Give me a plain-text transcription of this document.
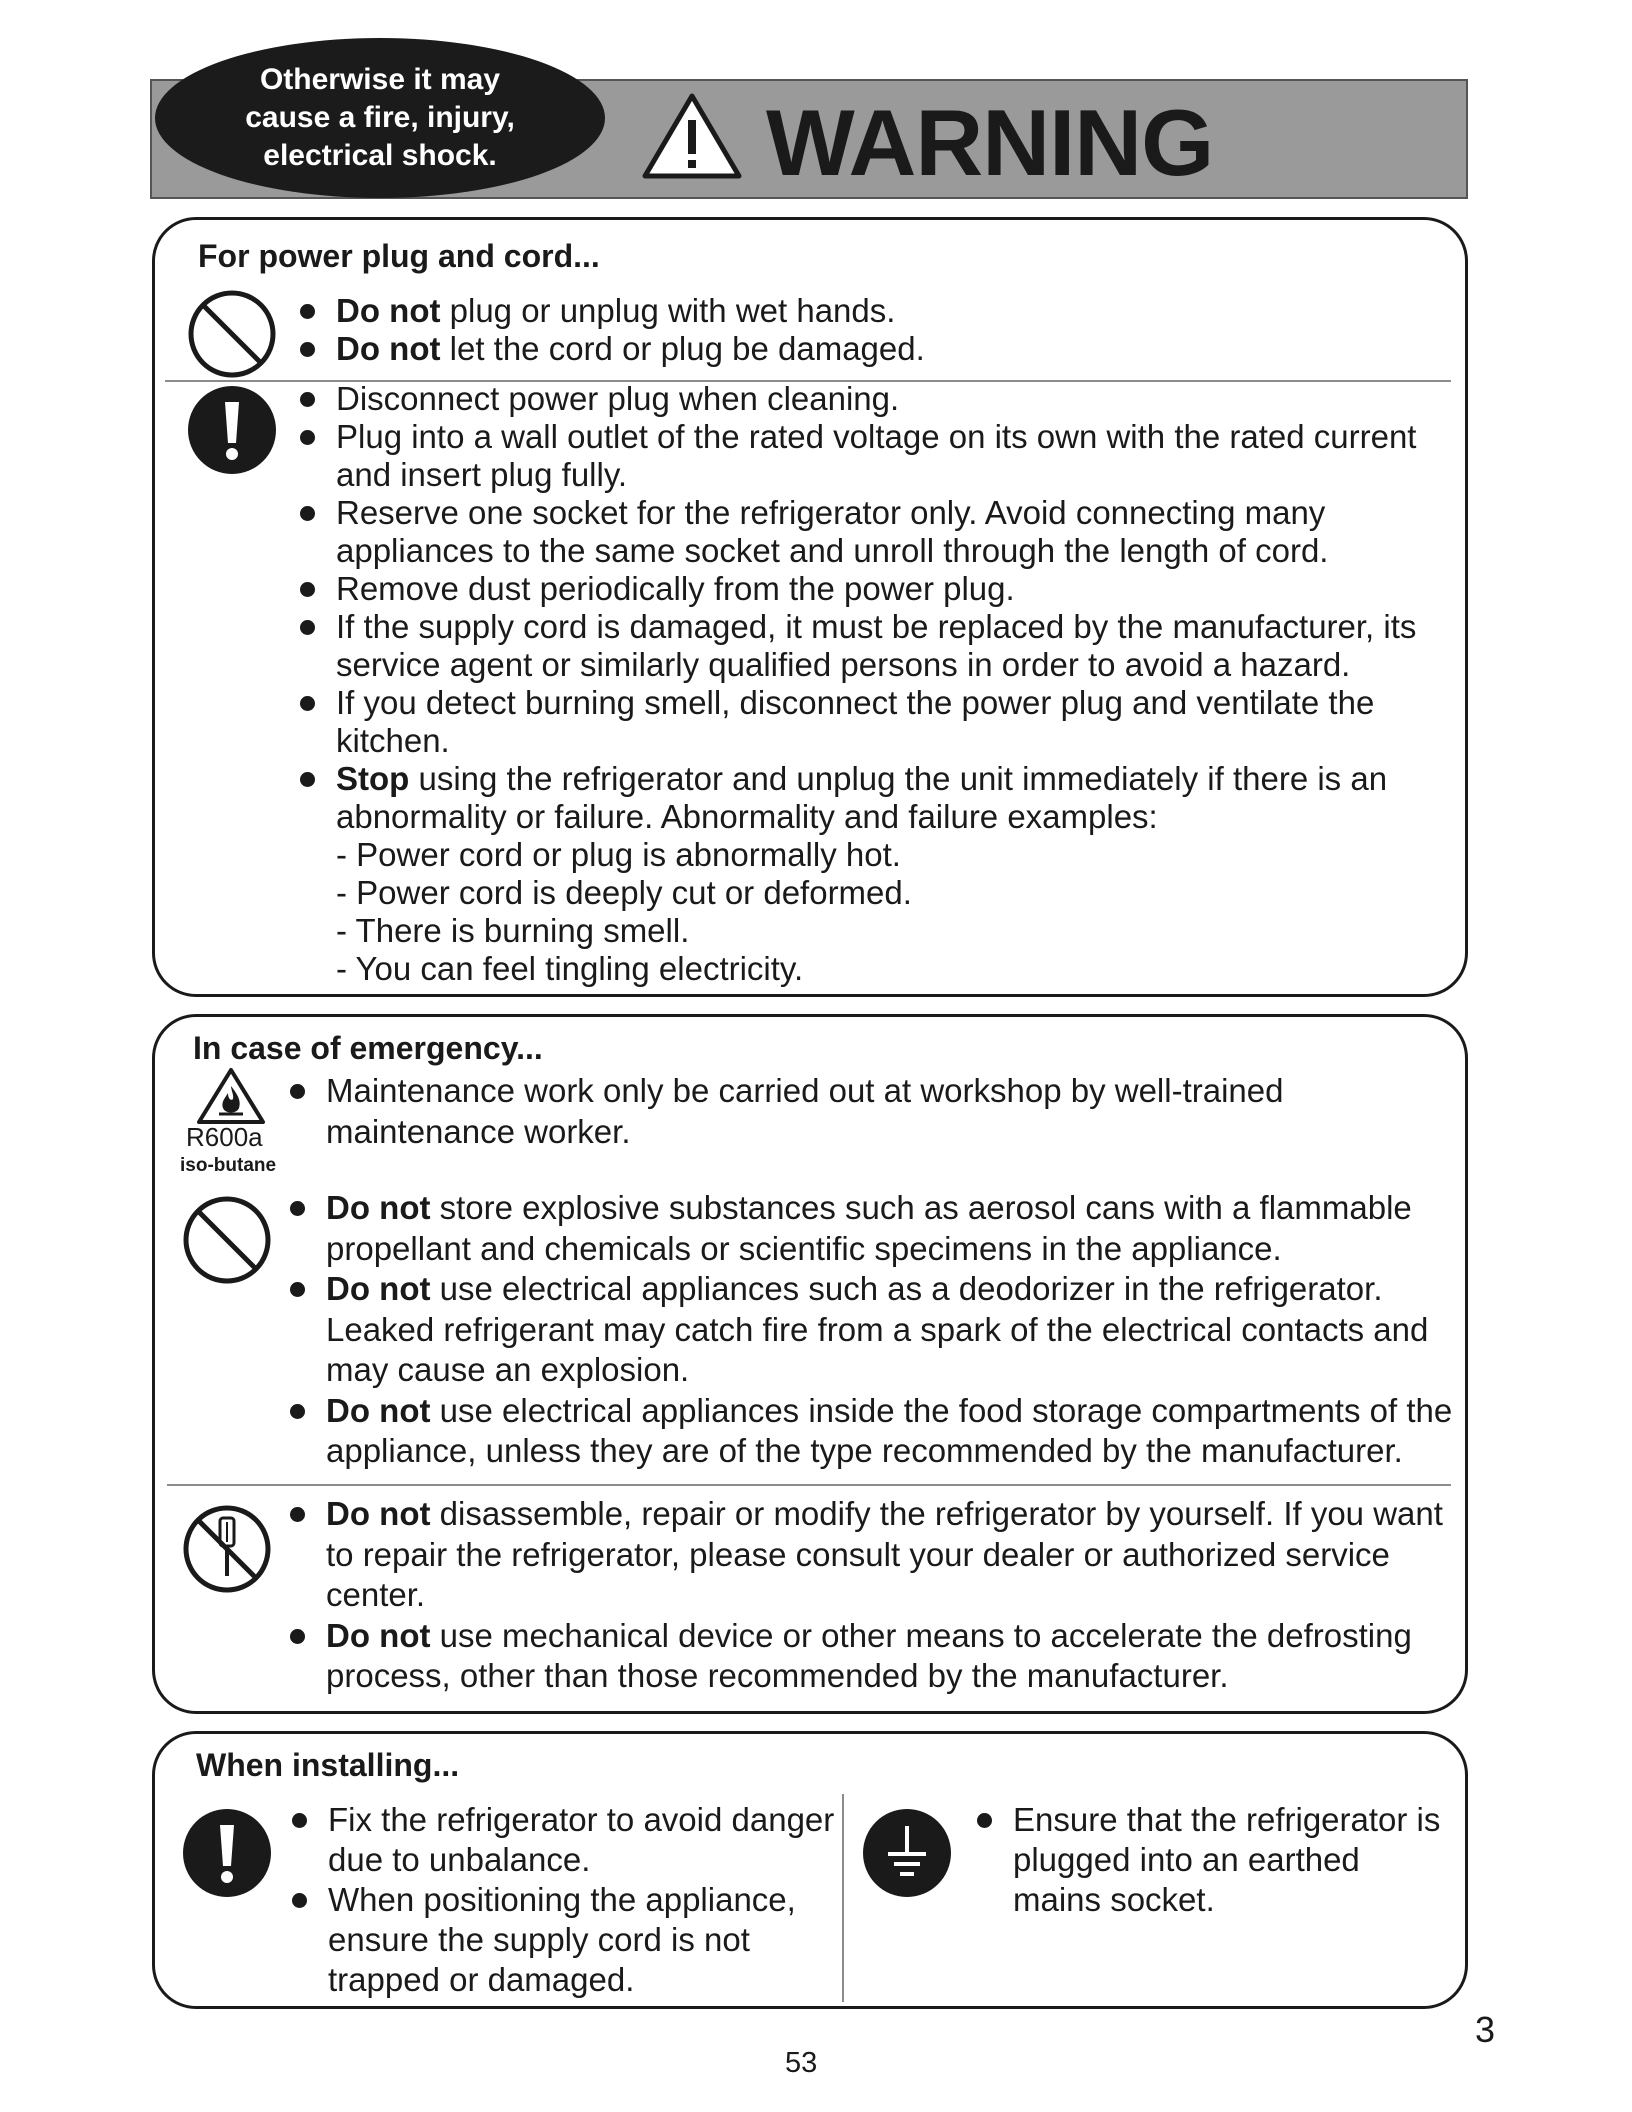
Otherwise it may
cause a fire, injury,
electrical shock.	WARNING
For power plug and cord...
Do not plug or unplug with wet hands.
Do not let the cord or plug be damaged.
Disconnect power plug when cleaning.
Plug into a wall outlet of the rated voltage on its own with the rated current and insert plug fully.
Reserve one socket for the refrigerator only. Avoid connecting many appliances to the same socket and unroll through the length of cord.
Remove dust periodically from the power plug.
If the supply cord is damaged, it must be replaced by the manufacturer, its service agent or similarly qualified persons in order to avoid a hazard.
If you detect burning smell, disconnect the power plug and ventilate the kitchen.
Stop using the refrigerator and unplug the unit immediately if there is an abnormality or failure. Abnormality and failure examples:
- Power cord or plug is abnormally hot.
- Power cord is deeply cut or deformed.
- There is burning smell.
- You can feel tingling electricity.
In case of emergency...
R600a
iso-butane
Maintenance work only be carried out at workshop by well-trained maintenance worker.
Do not store explosive substances such as aerosol cans with a flammable propellant and chemicals or scientific specimens in the appliance.
Do not use electrical appliances such as a deodorizer in the refrigerator. Leaked refrigerant may catch fire from a spark of the electrical contacts and may cause an explosion.
Do not use electrical appliances inside the food storage compartments of the appliance, unless they are of the type recommended by the manufacturer.
Do not disassemble, repair or modify the refrigerator by yourself. If you want to repair the refrigerator, please consult your dealer or authorized service center.
Do not use mechanical device or other means to accelerate the defrosting process, other than those recommended by the manufacturer.
When installing...
Fix the refrigerator to avoid danger due to unbalance.
When positioning the appliance, ensure the supply cord is not trapped or damaged.
Ensure that the refrigerator is plugged into an earthed mains socket.
53
3
